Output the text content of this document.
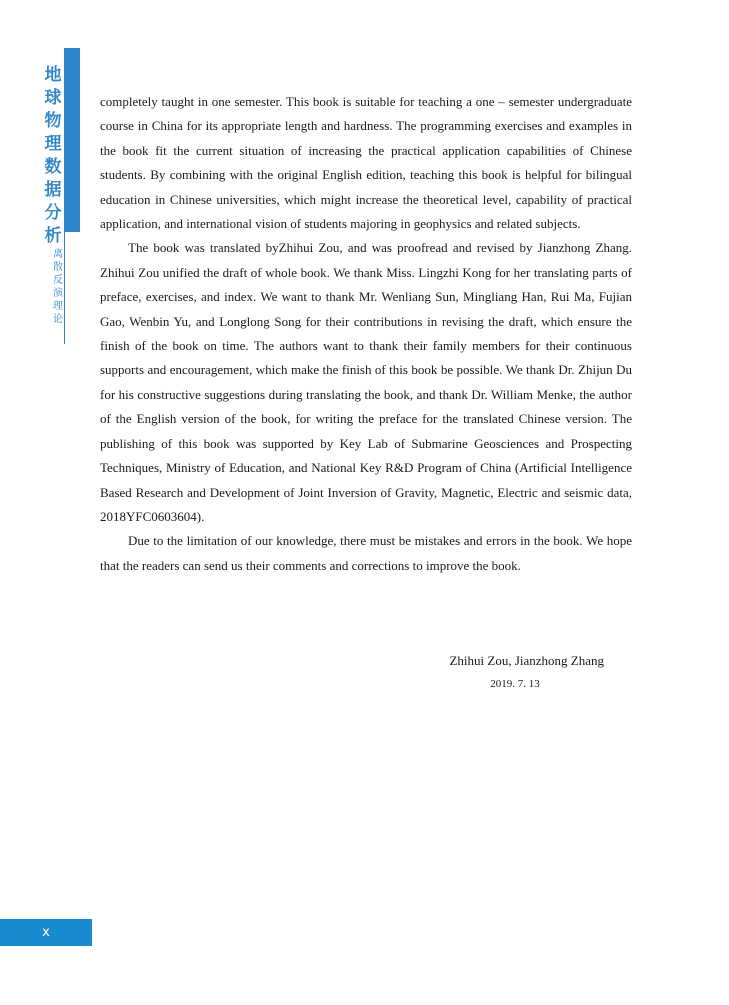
地球物理数据分析
离散反演理论

completely taught in one semester. This book is suitable for teaching a one – semester undergraduate course in China for its appropriate length and hardness. The programming exercises and examples in the book fit the current situation of increasing the practical application capabilities of Chinese students. By combining with the original English edition, teaching this book is helpful for bilingual education in Chinese universities, which might increase the theoretical level, capability of practical application, and international vision of students majoring in geophysics and related subjects.

The book was translated byZhihui Zou, and was proofread and revised by Jianzhong Zhang. Zhihui Zou unified the draft of whole book. We thank Miss. Lingzhi Kong for her translating parts of preface, exercises, and index. We want to thank Mr. Wenliang Sun, Mingliang Han, Rui Ma, Fujian Gao, Wenbin Yu, and Longlong Song for their contributions in revising the draft, which ensure the finish of the book on time. The authors want to thank their family members for their continuous supports and encouragement, which make the finish of this book be possible. We thank Dr. Zhijun Du for his constructive suggestions during translating the book, and thank Dr. William Menke, the author of the English version of the book, for writing the preface for the translated Chinese version. The publishing of this book was supported by Key Lab of Submarine Geosciences and Prospecting Techniques, Ministry of Education, and National Key R&D Program of China (Artificial Intelligence Based Research and Development of Joint Inversion of Gravity, Magnetic, Electric and seismic data, 2018YFC0603604).

Due to the limitation of our knowledge, there must be mistakes and errors in the book. We hope that the readers can send us their comments and corrections to improve the book.

Zhihui Zou, Jianzhong Zhang
2019. 7. 13
x
